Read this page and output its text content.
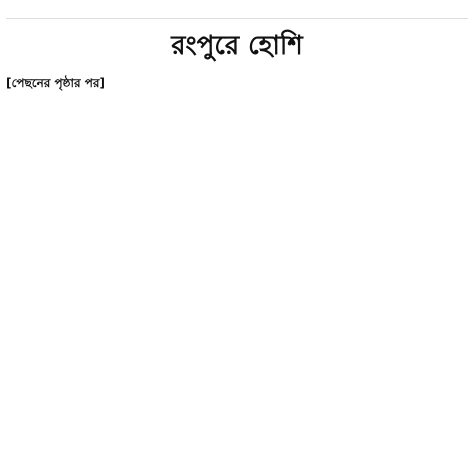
রংপুরে হোশি
[পেছনের পৃষ্ঠার পর]
